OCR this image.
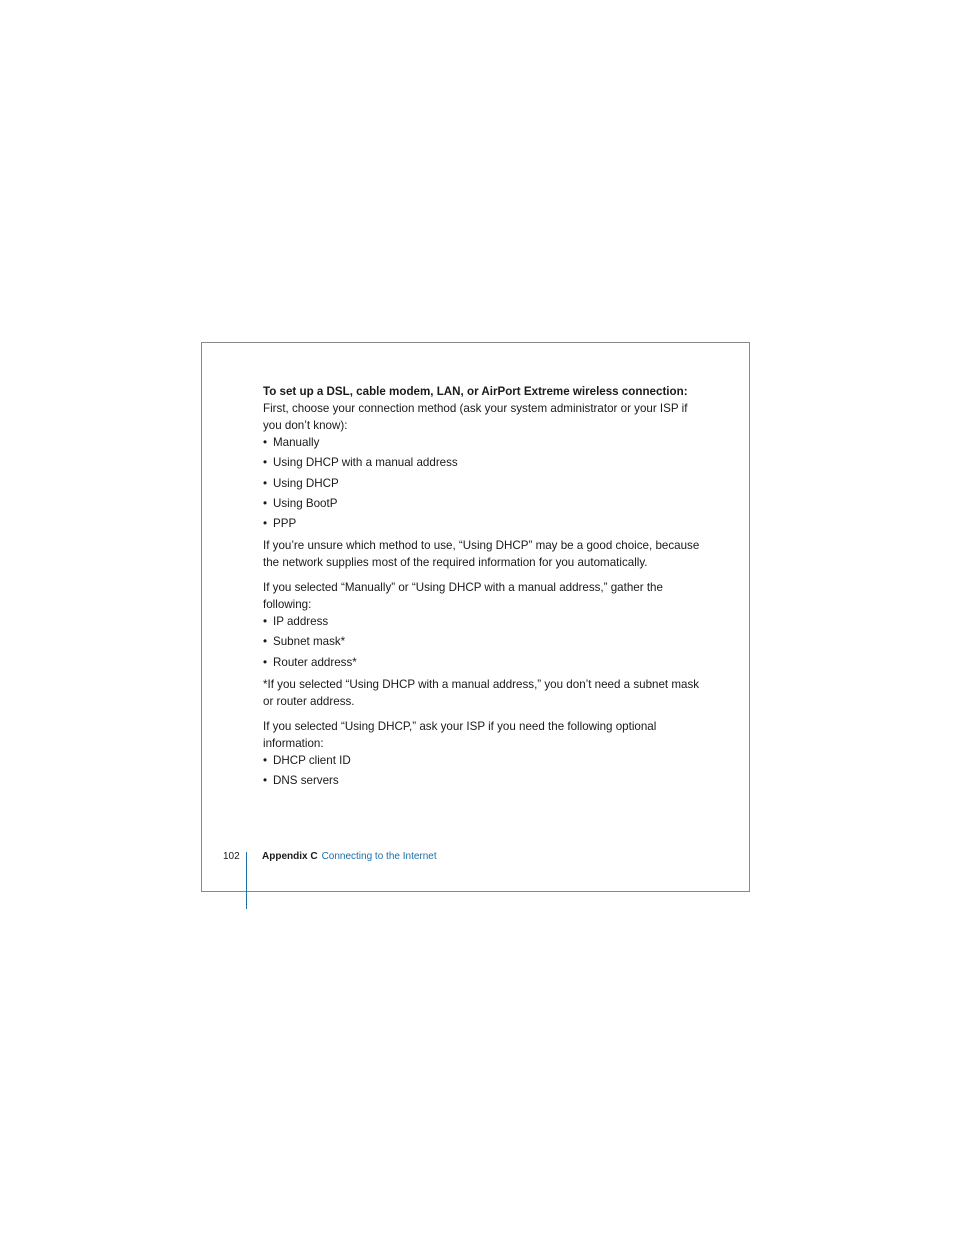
To set up a DSL, cable modem, LAN, or AirPort Extreme wireless connection:

First, choose your connection method (ask your system administrator or your ISP if you don’t know):

• Manually
• Using DHCP with a manual address
• Using DHCP
• Using BootP
• PPP

If you’re unsure which method to use, “Using DHCP” may be a good choice, because the network supplies most of the required information for you automatically.

If you selected “Manually” or “Using DHCP with a manual address,” gather the following:

• IP address
• Subnet mask*
• Router address*

*If you selected “Using DHCP with a manual address,” you don’t need a subnet mask or router address.

If you selected “Using DHCP,” ask your ISP if you need the following optional information:

• DHCP client ID
• DNS servers
102	Appendix C Connecting to the Internet
